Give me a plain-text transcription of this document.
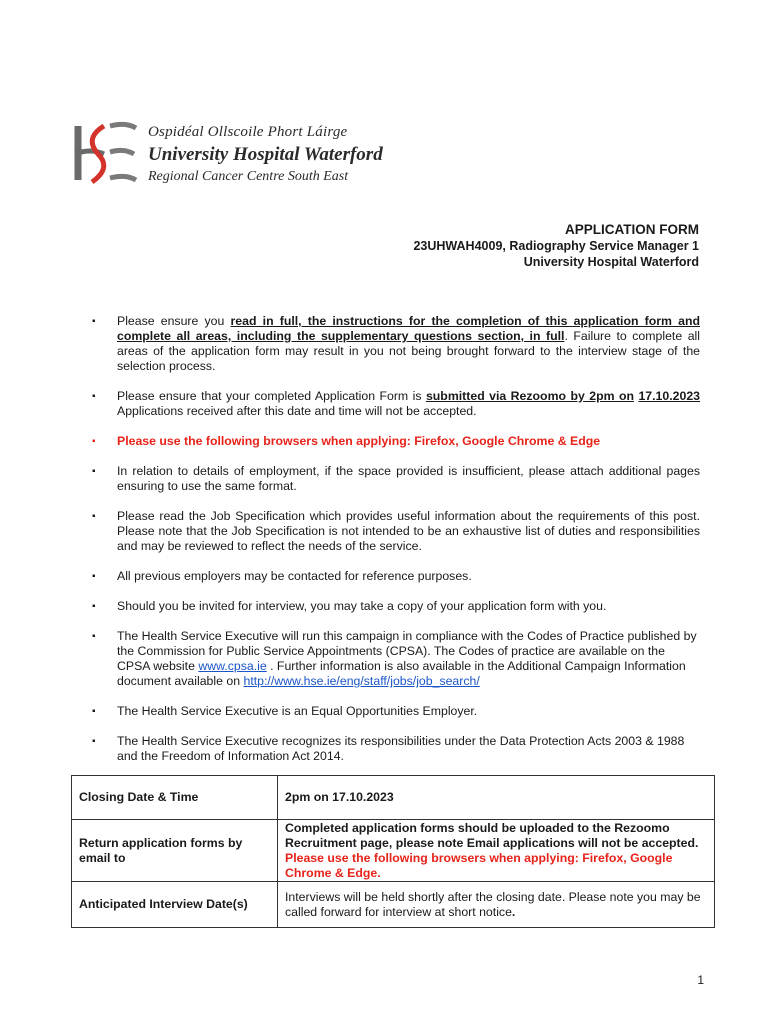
Ospidéal Ollscoile Phort Láirge
University Hospital Waterford
Regional Cancer Centre South East
APPLICATION FORM
23UHWAH4009, Radiography Service Manager 1
University Hospital Waterford
▪	Please ensure you read in full, the instructions for the completion of this application form and complete all areas, including the supplementary questions section, in full. Failure to complete all areas of the application form may result in you not being brought forward to the interview stage of the selection process.
▪	Please ensure that your completed Application Form is submitted via Rezoomo by 2pm on 17.10.2023 Applications received after this date and time will not be accepted.
▪	Please use the following browsers when applying: Firefox, Google Chrome & Edge
▪	In relation to details of employment, if the space provided is insufficient, please attach additional pages ensuring to use the same format.
▪	Please read the Job Specification which provides useful information about the requirements of this post. Please note that the Job Specification is not intended to be an exhaustive list of duties and responsibilities and may be reviewed to reflect the needs of the service.
▪	All previous employers may be contacted for reference purposes.
▪	Should you be invited for interview, you may take a copy of your application form with you.
▪	The Health Service Executive will run this campaign in compliance with the Codes of Practice published by the Commission for Public Service Appointments (CPSA). The Codes of practice are available on the CPSA website www.cpsa.ie . Further information is also available in the Additional Campaign Information document available on http://www.hse.ie/eng/staff/jobs/job_search/
▪	The Health Service Executive is an Equal Opportunities Employer.
▪	The Health Service Executive recognizes its responsibilities under the Data Protection Acts 2003 & 1988 and the Freedom of Information Act 2014.
Closing Date & Time	2pm on 17.10.2023
Return application forms by email to	Completed application forms should be uploaded to the Rezoomo Recruitment page, please note Email applications will not be accepted.
Please use the following browsers when applying: Firefox, Google Chrome & Edge.

Anticipated Interview Date(s)	Interviews will be held shortly after the closing date. Please note you may be called forward for interview at short notice.
1
